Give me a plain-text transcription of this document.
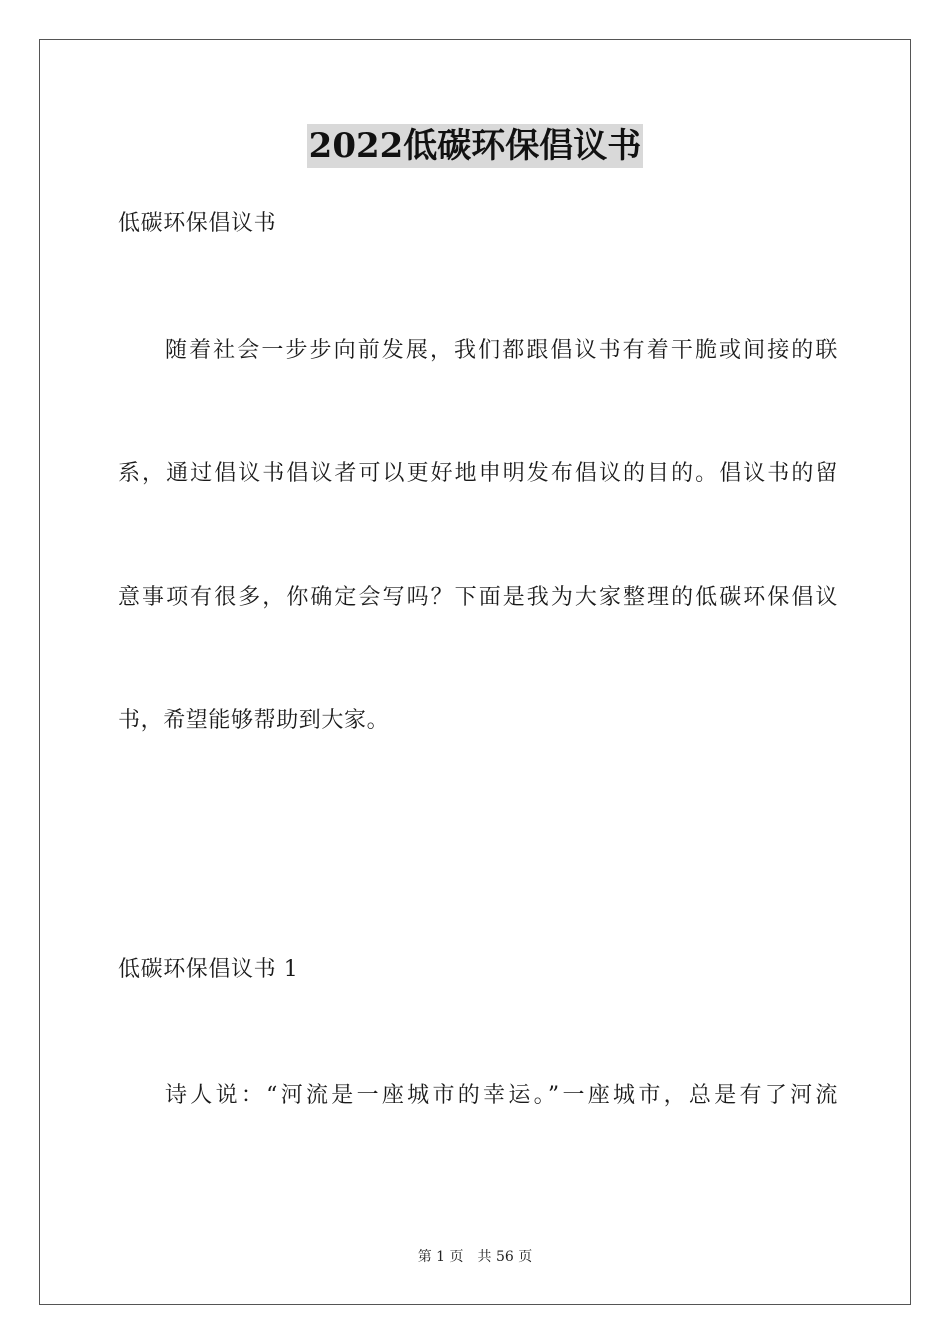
2022低碳环保倡议书
低碳环保倡议书
随着社会一步步向前发展，我们都跟倡议书有着干脆或间接的联
系，通过倡议书倡议者可以更好地申明发布倡议的目的。倡议书的留
意事项有很多，你确定会写吗？下面是我为大家整理的低碳环保倡议
书，希望能够帮助到大家。
低碳环保倡议书 1
诗人说：“河流是一座城市的幸运。”一座城市，总是有了河流
第 1 页 共 56 页
